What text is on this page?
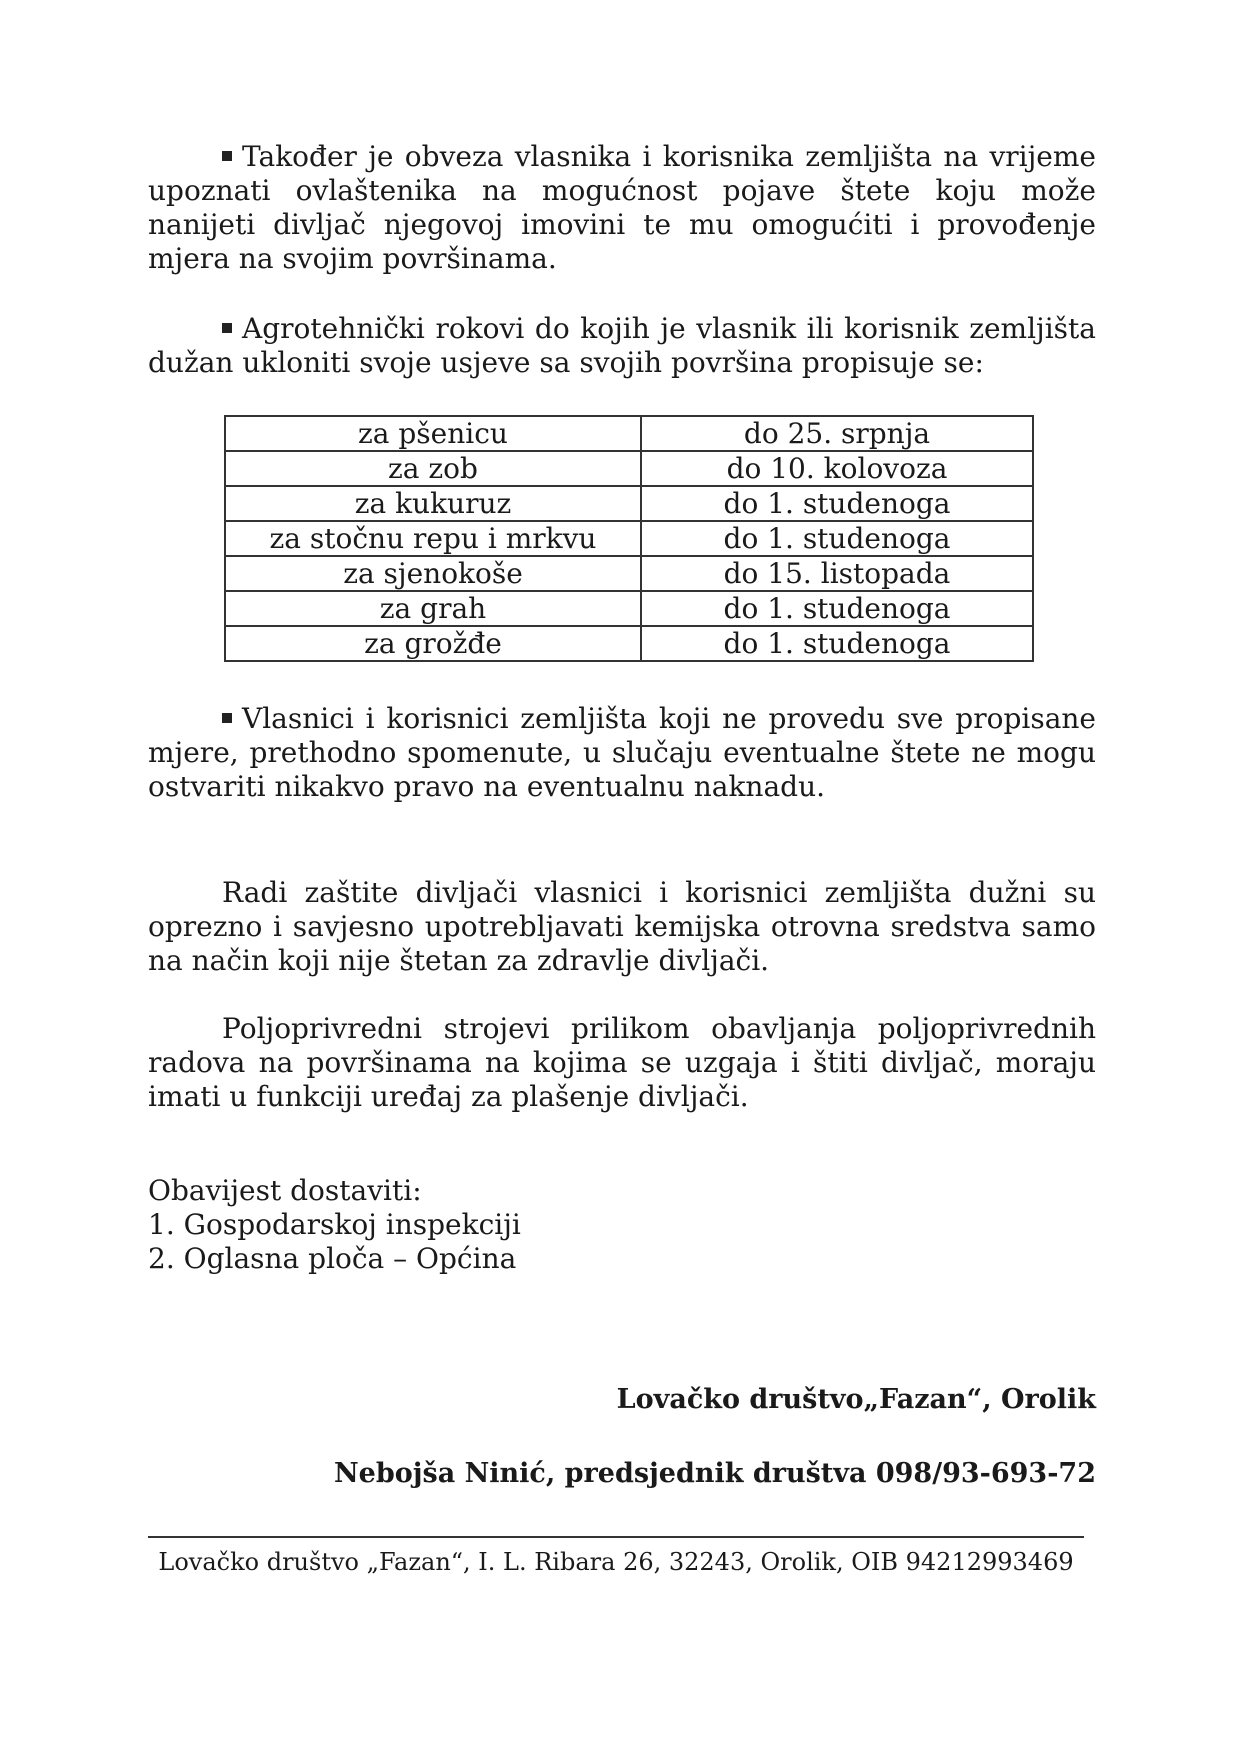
Također je obveza vlasnika i korisnika zemljišta na vrijeme upoznati ovlaštenika na mogućnost pojave štete koju može nanijeti divljač njegovoj imovini te mu omogućiti i provođenje mjera na svojim površinama.

Agrotehnički rokovi do kojih je vlasnik ili korisnik zemljišta dužan ukloniti svoje usjeve sa svojih površina propisuje se:

za pšenicu	do 25. srpnja
za zob	do 10. kolovoza
za kukuruz	do 1. studenoga
za stočnu repu i mrkvu	do 1. studenoga
za sjenokoše	do 15. listopada
za grah	do 1. studenoga
za grožđe	do 1. studenoga

Vlasnici i korisnici zemljišta koji ne provedu sve propisane mjere, prethodno spomenute, u slučaju eventualne štete ne mogu ostvariti nikakvo pravo na eventualnu naknadu.

Radi zaštite divljači vlasnici i korisnici zemljišta dužni su oprezno i savjesno upotrebljavati kemijska otrovna sredstva samo na način koji nije štetan za zdravlje divljači.

Poljoprivredni strojevi prilikom obavljanja poljoprivrednih radova na površinama na kojima se uzgaja i štiti divljač, moraju imati u funkciji uređaj za plašenje divljači.

Obavijest dostaviti:

1. Gospodarskoj inspekciji

2. Oglasna ploča – Općina

Lovačko društvo„Fazan“, Orolik
Nebojša Ninić, predsjednik društva 098/93-693-72
Lovačko društvo „Fazan“, I. L. Ribara 26, 32243, Orolik, OIB 94212993469
